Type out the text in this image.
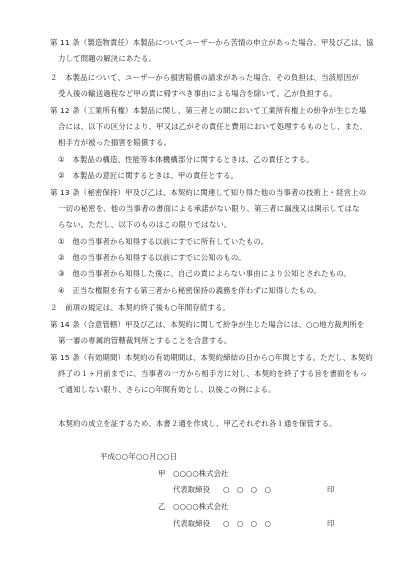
第 11 条（製造物責任）本製品についてユーザーから苦情の申立があった場合、甲及び乙は、協
力して問題の解決にあたる。
２　本製品について、ユーザーから損害賠償の請求があった場合、その負担は、当該原因が
受入後の輸送過程など甲の責に帰すべき事由による場合を除いて、乙が負担する。
第 12 条（工業所有権）本製品に関し、第三者との間において工業所有権上の紛争が生じた場
合には、以下の区分により、甲又は乙がその責任と費用において処理するものとし、また、
相手方が被った損害を賠償する。
①　本製品の構造、性能等本体機構部分に関するときは、乙の責任とする。
②　本製品の意匠に関するときは、甲の責任とする。
第 13 条（秘密保持）甲及び乙は、本契約に関連して知り得た他の当事者の技術上・経営上の
一切の秘密を、他の当事者の書面による承諾がない限り、第三者に漏洩又は開示してはな
らない。ただし、以下のものはこの限りではない。
①　他の当事者から知得する以前にすでに所有していたもの。
②　他の当事者から知得する以前にすでに公知のもの。
③　他の当事者から知得した後に、自己の責によらない事由により公知とされたもの。
④　正当な権限を有する第三者から秘密保持の義務を伴わずに知得したもの。
２　前項の規定は、本契約終了後も○年間存続する。
第 14 条（合意管轄）甲及び乙は、本契約に関して紛争が生じた場合には、○○地方裁判所を
第一審の専属的管轄裁判所とすることを合意する。
第 15 条（有効期間）本契約の有効期間は、本契約締結の日から○年間とする。ただし、本契約
終了の１ヶ月前までに、当事者の一方から相手方に対し、本契約を終了する旨を書面をもっ
て通知しない限り、さらに○年間有効とし、以後この例による。
本契約の成立を証するため、本書２通を作成し、甲乙それぞれ各１通を保管する。
平成○○年○○月○○日
甲 ○○○○株式会社
代表取締役 ○　○　○　○	印
乙 ○○○○株式会社
代表取締役 ○　○　○　○	印
